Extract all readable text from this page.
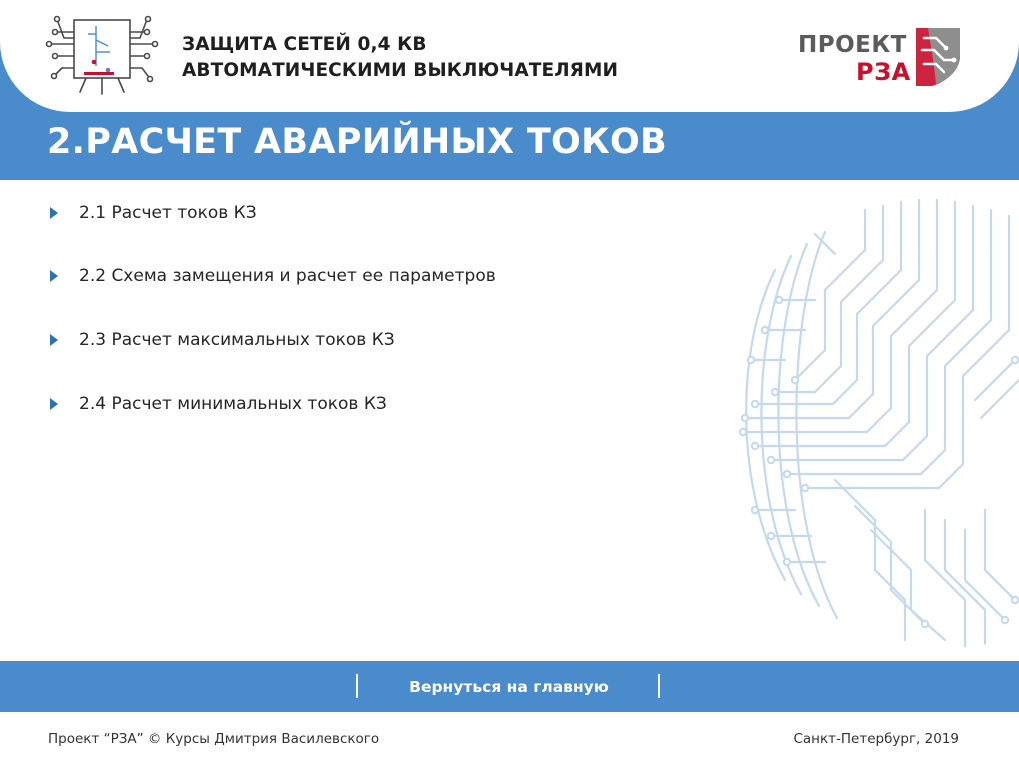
ЗАЩИТА СЕТЕЙ 0,4 КВ
АВТОМАТИЧЕСКИМИ ВЫКЛЮЧАТЕЛЯМИ
ПРОЕКТ
РЗА
2.РАСЧЕТ АВАРИЙНЫХ ТОКОВ
2.1 Расчет токов КЗ
2.2 Схема замещения и расчет ее параметров
2.3 Расчет максимальных токов КЗ
2.4 Расчет минимальных токов КЗ
Вернуться на главную
Проект “РЗА” © Курсы Дмитрия Василевского	Санкт-Петербург, 2019
